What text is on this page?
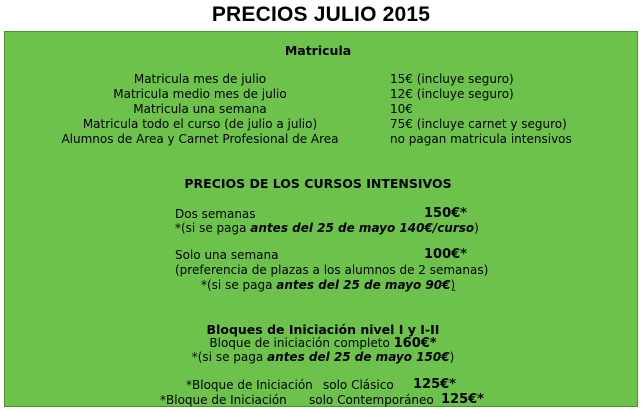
PRECIOS JULIO 2015
Matricula
Matricula mes de julio	15€ (incluye seguro)
Matricula medio mes de julio	12€ (incluye seguro)
Matricula una semana	10€
Matricula todo el curso (de julio a julio)	75€ (incluye carnet y seguro)
Alumnos de Area y Carnet Profesional de Area	no pagan matricula intensivos
PRECIOS DE LOS CURSOS INTENSIVOS
Dos semanas	150€*
*(si se paga antes del 25 de mayo 140€/curso)
Solo una semana	100€*
(preferencia de plazas a los alumnos de 2 semanas)
*(si se paga antes del 25 de mayo 90€)
Bloques de Iniciación nivel I y I-II
Bloque de iniciación completo 160€*
*(si se paga antes del 25 de mayo 150€)
*Bloque de Iniciación solo Clásico 125€*
*Bloque de Iniciación solo Contemporáneo 125€*
